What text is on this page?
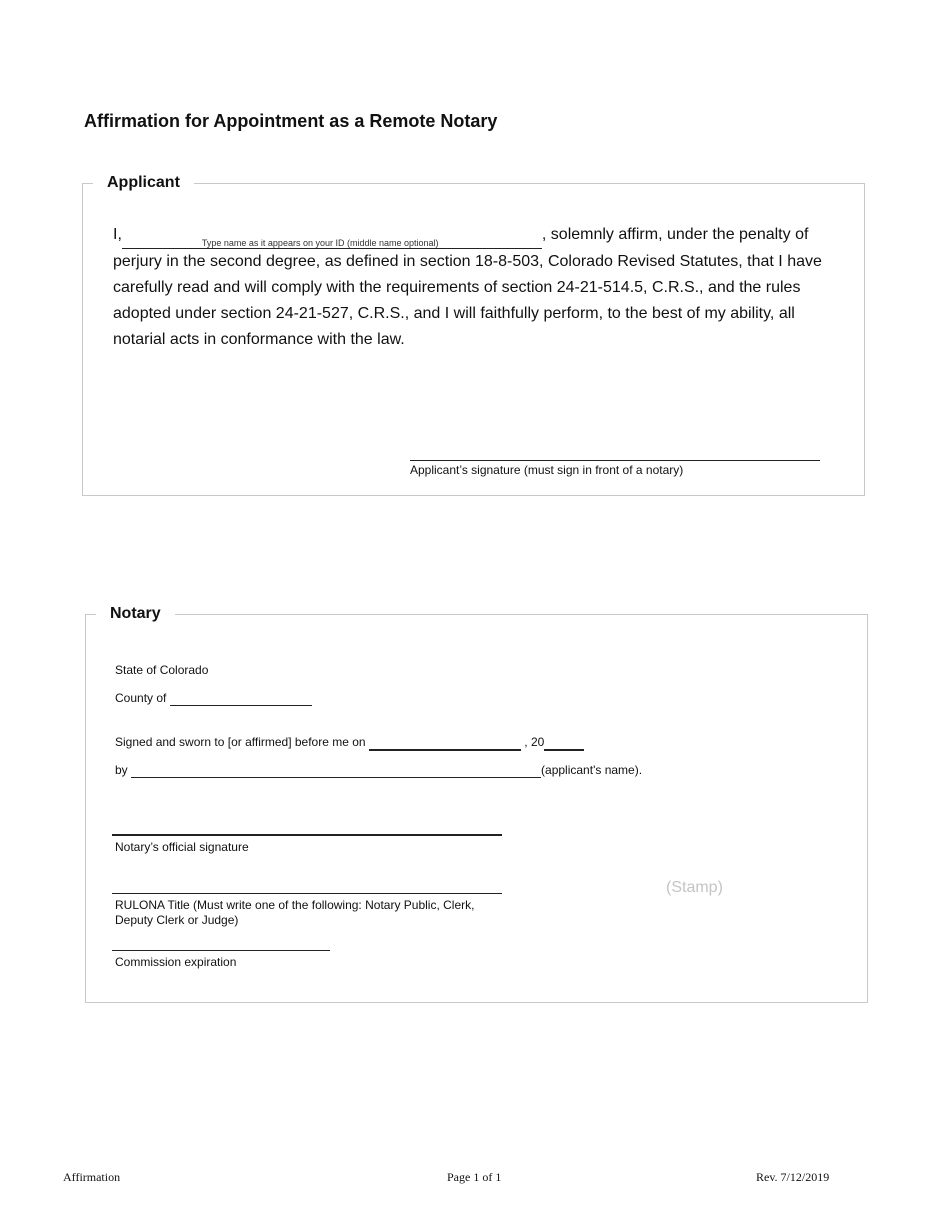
Affirmation for Appointment as a Remote Notary
Applicant

I,	Type name as it appears on your ID (middle name optional)	, solemnly affirm, under the penalty of perjury in the second degree, as defined in section 18-8-503, Colorado Revised Statutes, that I have carefully read and will comply with the requirements of section 24-21-514.5, C.R.S., and the rules adopted under section 24-21-527, C.R.S., and I will faithfully perform, to the best of my ability, all notarial acts in conformance with the law.

Applicant’s signature (must sign in front of a notary)
Notary
State of Colorado
County of
Signed and sworn to [or affirmed] before me on	, 20
by	(applicant's name).
Notary’s official signature
RULONA Title (Must write one of the following: Notary Public, Clerk, Deputy Clerk or Judge)
Commission expiration
(Stamp)
Affirmation	Page 1 of 1	Rev. 7/12/2019
